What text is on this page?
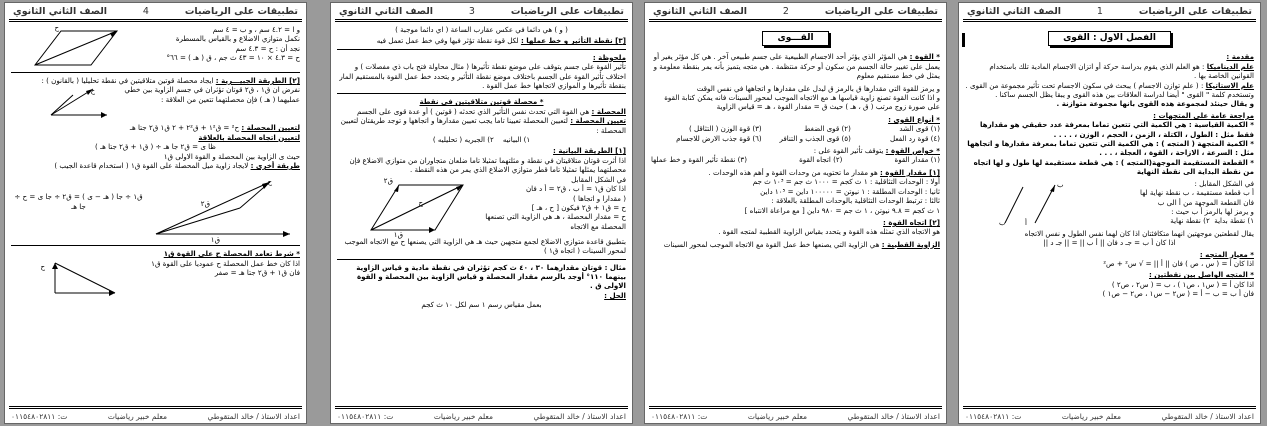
تطبيقات على الرياضيات
1
الصف الثاني الثانوي
الفصل الاول : القوى

مقدمة :

علم الديناميكا : هو العلم الذي يقوم بدراسة حركة أو اتزان الاجسام المادية تلك باستخدام القوانين الخاصة بها .

علم الاستاتيكا : ( علم توازن الاجسام ) يبحث في سكون الاجسام تحت تأثير مجموعة من القوى . وتستخدم كلمة " القوى " أيضا لدراسة العلاقات بين هذه القوى و يبقا يظل الجسم ساكنا .

و يقال حينئذ لمجموعة هذه القوى بانها مجموعة متوازنة .

مراجعة عامة على المتجهات :

* الكمية القياسية : هي الكمية التي تتعين تماما بمعرفة عدد حقيقي هو مقدارها فقط مثل : الطول ، الكتلة ، الزمن ، الحجم ، الوزن ، . . . .

* الكمية المتجهة ( المتجه ) : هي الكمية التي تتعين تماما بمعرفة مقدارها و اتجاهها مثل : السرعة ، الازاحة ، القوة ، العجلة ، . . .

* القطعة المستقيمة الموجهة(المتجه ) : هي قطعة مستقيمة لها طول و لها اتجاه من نقطة البداية الى نقطة النهاية

في الشكل المقابل :

أ ب قطعة مستقيمة ، ب نقطة نهاية لها

فان القطعة الموجهة من أ الى ب

و يرمز لها بالرمز أ ب حيث :

١) نقطة بداية  ٢) نقطة نهاية

ب
ب
أ

يقال لقطعتين موجهتين انهما متكافئتان اذا كان لهما نفس الطول و نفس الاتجاه

اذا كان أ ب = جـ د فان || أ ب || = || جـ د ||

* معيار المتجه :

اذا كان أ = ( س ، ص ) فان || أ || = √ س² + ص²

* المتجه الواصل بين نقطتين :

اذا كان أ = ( س١ ، ص١ ) ، ب = ( س٢ ، ص٢ )

فان أ ب = ب − أ = ( س٢ − س١ ، ص٢ − ص١ )

اعداد الاستاذ / خالد المتقوطي
معلم خبير رياضيات
ت: ٠١١٥٤٨٠٢٨١١
تطبيقات على الرياضيات
2
الصف الثاني الثانوي
القـــوى

* القوة : هي المؤثر الذي يؤثر أحد الاجسام الطبيعية على جسم طبيعي آخر . هي كل مؤثر يغير أو يعمل على تغيير حالة الجسم من سكون أو حركة منتظمة . هي متجه يتميز بأنه يمر بنقطة معلومة و يمثل في خط مستقيم معلوم

و يرمز للقوة التي مقدارها ق بالرمز ق ليدل على مقدارها و اتجاهها في نفس الوقت

و اذا كانت القوة تصنع زاوية قياسها هـ مع الاتجاه الموجب لمحور السينات فانه يمكن كتابة القوة على صورة زوج مرتب ( ق ، هـ ) حيث ق = مقدار القوة ، هـ = قياس الزاوية

* أنواع القوى :

(١) قوى الشد
(٢) قوى الضغط
(٣) قوة الوزن ( التثاقل )
(٤) قوة رد الفعل
(٥) قوى الجذب و التنافر
(٦) قوة جذب الارض للاجسام

* خواص القوة : يتوقف تأثير القوة على :

(١) مقدار القوة
(٢) اتجاه القوة
(٣) نقطة تأثير القوة و خط عملها

[١] مقدار القوة : هو مقدار ما تحتويه من وحدات القوة و أهم هذه الوحدات .

أولا : الوحدات التثاقلية : ١ ث كجم = ١٠٠٠ ث جم = ١٠³ ث جم

ثانيا : الوحدات المطلقة : ١ نيوتن = ١٠٠٠٠٠ داين = ١٠⁵ داين

ثالثا : ترتبط الوحدات التثاقلية بالوحدات المطلقة بالعلاقة :

١ ث كجم = ٩.٨ نيوتن ، ١ ث جم = ٩٨٠ داين [ مع مراعاة الانتباه ]

[٢] اتجاه القوة :

هو الاتجاه الذي تمثله هذه القوة و يتحدد بقياس الزاوية القطبية لمتجه القوة .

الزاوية القطبية : هي الزاوية التي يصنعها خط عمل القوة مع الاتجاه الموجب لمحور السينات

اعداد الاستاذ / خالد المتقوطي
معلم خبير رياضيات
ت: ٠١١٥٤٨٠٢٨١١
تطبيقات على الرياضيات
3
الصف الثاني الثانوي

( و ) هي دائما في عكس عقارب الساعة ( اي دائما موجبة )

[٣] نقطة التأثير و خط عملها : لكل قوة نقطة تؤثر فيها وفي خط عمل تعمل فيه

ملحوظة :

تأثير القوة على جسم يتوقف على موضع نقطة تأثيرها ( مثال محاولة فتح باب ذي مفصلات ) و اختلاف تأثير القوة على الجسم باختلاف موضع نقطة التأثير و يتحدد خط عمل القوة بالمستقيم المار بنقطة تأثيرها و الموازي لاتجاهها خط عمل القوة .

* محصلة قوتين متلاقيتين في نقطة

المحصلة : هي القوة التي تحدث نفس التأثير الذي تحدثه ( قوتين ) أو عدة قوى على الجسم

تعيين المحصلة : لتعيين المحصلة تعيينا تاما يجب تعيين مقدارها و اتجاهها و توجد طريقتان لتعيين المحصلة :

١) البيانيه    ٢) الجبريه ( تحليليه )

[١] الطريقة البيانية :

اذا أثرت قوتان متلاقيتان في نقطة و مثلتهما تمثيلا تاما ضلعان متجاوران من متوازي الاضلاع فإن محصلتهما يمثلها تمثيلا تاما قطر متوازي الاضلاع الذي يمر من هذه النقطة .

في الشكل المقابل

اذا كان ق١ = أ ب ، ق٢ = أ د فان

( مقدارا و اتجاها )

ح = ق١ + ق٢ فيكون [ ح ، هـ ]

ح = مقدار المحصلة ، هـ هي الزاوية التي تصنعها المحصلة مع الاتجاه

ق٢
ق١
ح

بتطبيق قاعدة متوازي الاضلاع لجمع متجهين حيث هـ هي الزاوية التي يصنعها ح مع الاتجاه الموجب لمحور السينات ( اتجاه ق١ )

مثال : قوتان مقدارهما ٣٠ ، ٤٠ ث كجم تؤثران في نقطة مادية و قياس الزاوية بينهما ١١٠° أوجد بالرسم مقدار المحصلة و قياس الزاوية بين المحصلة و القوة الاولى ق .

الحل :

بعمل مقياس رسم ١ سم لكل ١٠ ث كجم

اعداد الاستاذ / خالد المتقوطي
معلم خبير رياضيات
ت: ٠١١٥٤٨٠٢٨١١
تطبيقات على الرياضيات
4
الصف الثاني الثانوي

و ا = ٤.٢ سم ، و ب = ٤ سم

نكمل متوازي الاضلاع و بالقياس بالمسطرة

نجد أن : ح = ٤.٣ سم

ح = ٤.٣ × ١٠ = ٤٣ ث جم ، ق ( هـ ) = ٦٦°

ح

[٢] الطريقة الجبيـــرية : ايجاد محصلة قوتين متلاقيتين في نقطة تحليليا ( بالقانون ) :

نفرض ان ق١ ، ق٢ قوتان تؤثران في جسم الزاوية بين خطي عمليهما ( هـ ) فإن محصلتهما تتعين من العلاقة :

ح

لتعيين المحصلة : ح² = ق١² + ق٢² + ٢ ق١ ق٢ جتا هـ

لتعيين اتجاه المحصلة بالعلاقة

ظا ى = ق٢ جا هـ ÷ ( ق١ + ق٢ جتا هـ )

حيث ى الزاوية بين المحصلة و القوة الاولى ق١

طريقة أخرى : لايجاد زاوية ميل المحصلة على القوة ق١ ( استخدام قاعدة الجيب )

ق٢
ق١
ح

ق١ ÷ جا ( هـ − ى ) = ق٢ ÷ جا ى = ح ÷ جا هـ

* شرط تعامد المحصلة ح على القوة ق١

اذا كان خط عمل المحصلة ح عموديا على القوة ق١

فان ق١ + ق٢ جتا هـ = صفر

ح
اعداد الاستاذ / خالد المتقوطي
معلم خبير رياضيات
ت: ٠١١٥٤٨٠٢٨١١
